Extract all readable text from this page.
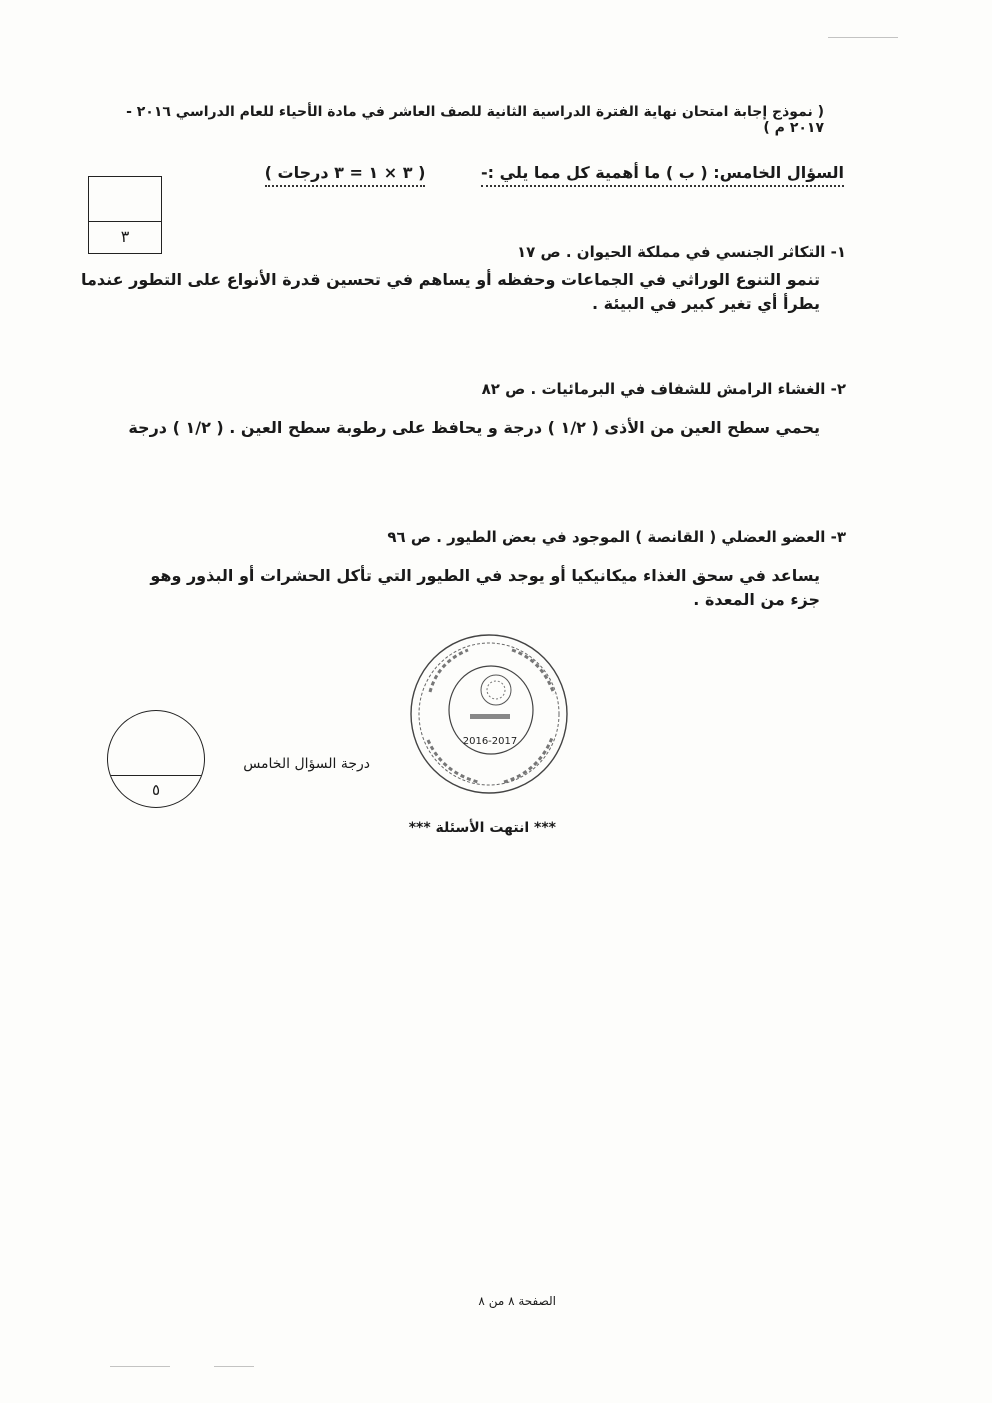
( نموذج إجابة امتحان نهاية الفترة الدراسية الثانية للصف العاشر في مادة الأحياء للعام الدراسي ٢٠١٦ - ٢٠١٧ م )
السؤال الخامس: ( ب ) ما أهمية كل مما يلي :- ( ٣ × ١ = ٣ درجات )
٣
١- التكاثر الجنسي في مملكة الحيوان . ص ١٧
تنمو التنوع الوراثي في الجماعات وحفظه أو يساهم في تحسين قدرة الأنواع على التطور عندما يطرأ أي تغير كبير في البيئة .
٢- الغشاء الرامش للشفاف في البرمائيات . ص ٨٢
يحمي سطح العين من الأذى ( ١/٢ ) درجة و يحافظ على رطوبة سطح العين . ( ١/٢ ) درجة
٣- العضو العضلي ( القانصة ) الموجود في بعض الطيور . ص ٩٦
يساعد في سحق الغذاء ميكانيكيا أو يوجد في الطيور التي تأكل الحشرات أو البذور وهو جزء من المعدة .
٥
درجة السؤال الخامس
2016-2017
*** انتهت الأسئلة ***
الصفحة ٨ من ٨
